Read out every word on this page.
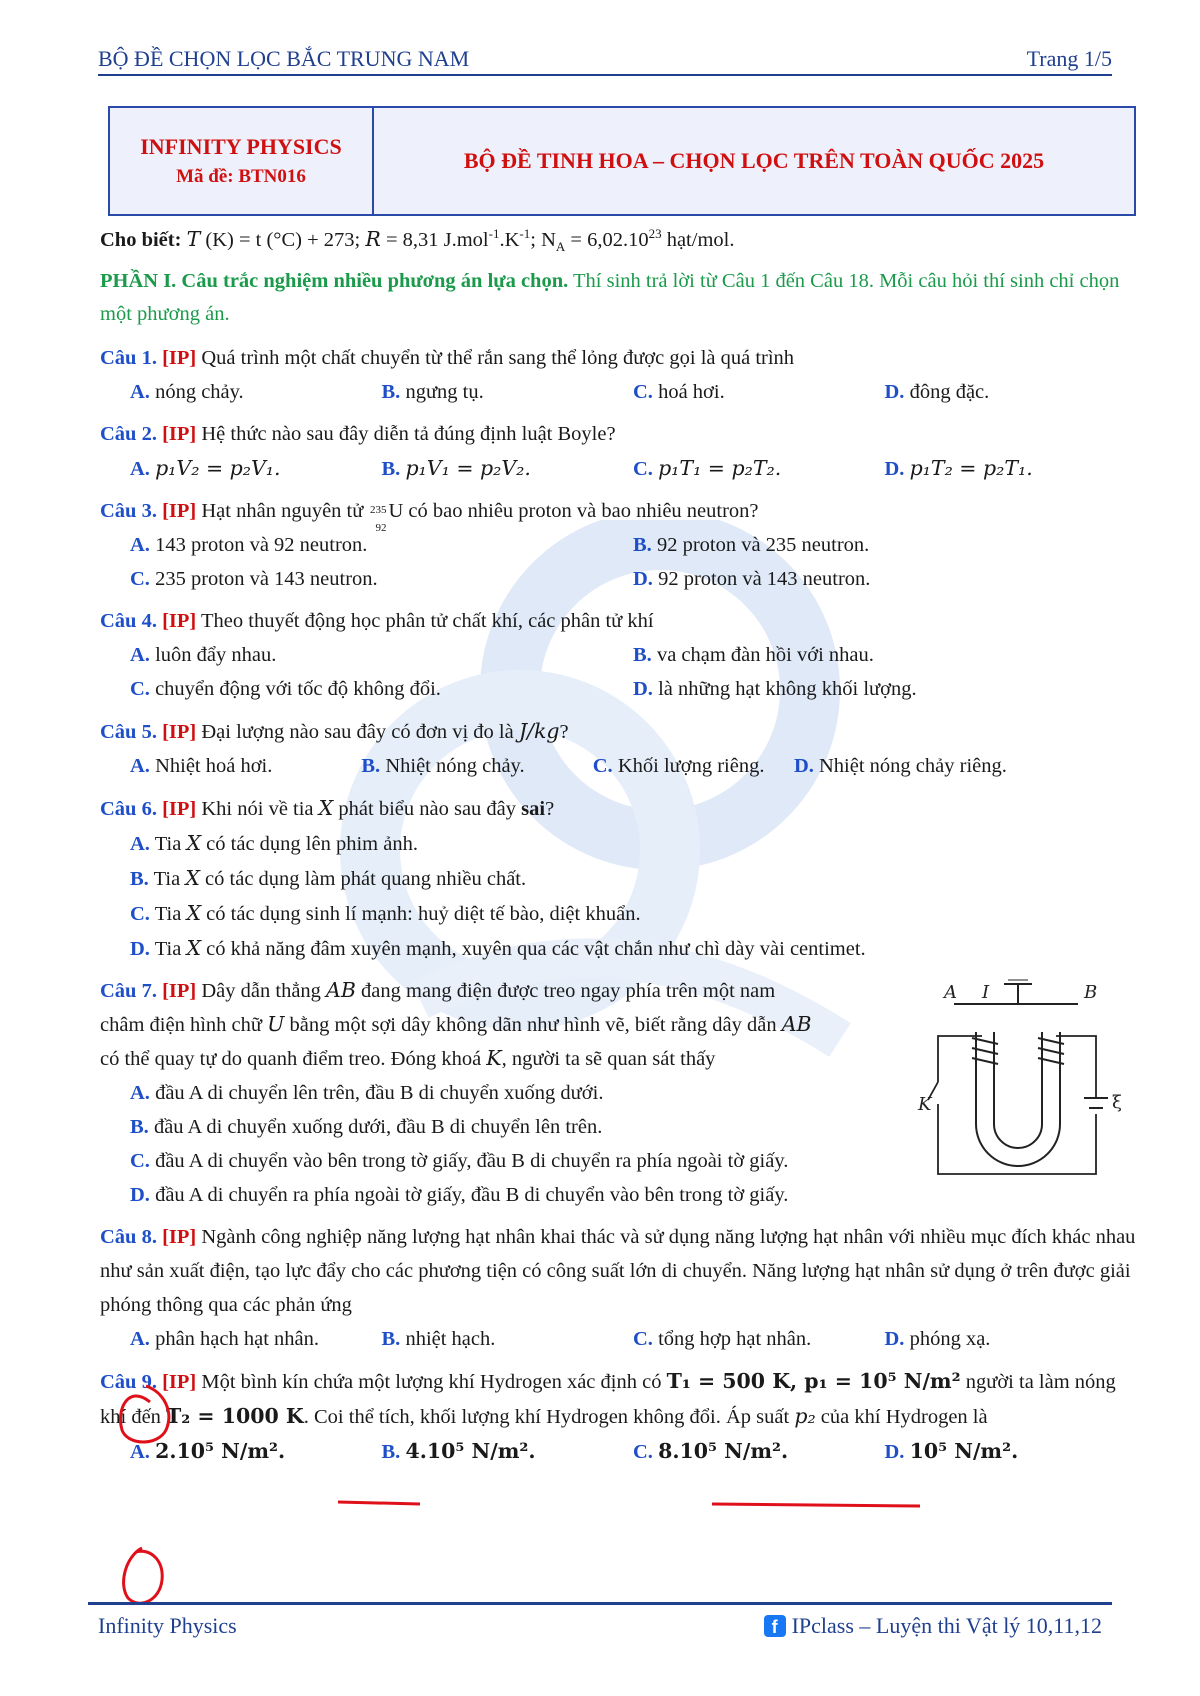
BỘ ĐỀ CHỌN LỌC BẮC TRUNG NAM	Trang 1/5
INFINITY PHYSICS
Mã đề: BTN016
BỘ ĐỀ TINH HOA – CHỌN LỌC TRÊN TOÀN QUỐC 2025
Cho biết: T (K) = t (°C) + 273; R = 8,31 $J.mol^{-1}.K^{-1}$; $N_A = 6,02.10^{23}$ hạt/mol.
PHẦN I. Câu trắc nghiệm nhiều phương án lựa chọn. Thí sinh trả lời từ Câu 1 đến Câu 18. Mỗi câu hỏi thí sinh chỉ chọn một phương án.
Câu 1. [IP] Quá trình một chất chuyển từ thể rắn sang thể lỏng được gọi là quá trình
A. nóng chảy.	B. ngưng tụ.	C. hoá hơi.	D. đông đặc.
Câu 2. [IP] Hệ thức nào sau đây diễn tả đúng định luật Boyle?
A. p₁V₂ = p₂V₁.	B. p₁V₁ = p₂V₂.	C. p₁T₁ = p₂T₂.	D. p₁T₂ = p₂T₁.
Câu 3. [IP] Hạt nhân nguyên tử 235
92
U có bao nhiêu proton và bao nhiêu neutron?
A. 143 proton và 92 neutron.	B. 92 proton và 235 neutron.
C. 235 proton và 143 neutron.	D. 92 proton và 143 neutron.
Câu 4. [IP] Theo thuyết động học phân tử chất khí, các phân tử khí
A. luôn đẩy nhau.	B. va chạm đàn hồi với nhau.
C. chuyển động với tốc độ không đổi.	D. là những hạt không khối lượng.
Câu 5. [IP] Đại lượng nào sau đây có đơn vị đo là J/kg?
A. Nhiệt hoá hơi.	B. Nhiệt nóng chảy.	C. Khối lượng riêng.	D. Nhiệt nóng chảy riêng.
Câu 6. [IP] Khi nói về tia X phát biểu nào sau đây sai?
A. Tia X có tác dụng lên phim ảnh.
B. Tia X có tác dụng làm phát quang nhiều chất.
C. Tia X có tác dụng sinh lí mạnh: huỷ diệt tế bào, diệt khuẩn.
D. Tia X có khả năng đâm xuyên mạnh, xuyên qua các vật chắn như chì dày vài centimet.
Câu 7. [IP] Dây dẫn thẳng AB đang mang điện được treo ngay phía trên một nam châm điện hình chữ U bằng một sợi dây không dãn như hình vẽ, biết rằng dây dẫn AB có thể quay tự do quanh điểm treo. Đóng khoá K, người ta sẽ quan sát thấy
A I	B
K	ξ
A. đầu A di chuyển lên trên, đầu B di chuyển xuống dưới.
B. đầu A di chuyển xuống dưới, đầu B di chuyển lên trên.
C. đầu A di chuyển vào bên trong tờ giấy, đầu B di chuyển ra phía ngoài tờ giấy.
D. đầu A di chuyển ra phía ngoài tờ giấy, đầu B di chuyển vào bên trong tờ giấy.
Câu 8. [IP] Ngành công nghiệp năng lượng hạt nhân khai thác và sử dụng năng lượng hạt nhân với nhiều mục đích khác nhau như sản xuất điện, tạo lực đẩy cho các phương tiện có công suất lớn di chuyển. Năng lượng hạt nhân sử dụng ở trên được giải phóng thông qua các phản ứng
A. phân hạch hạt nhân.	B. nhiệt hạch.	C. tổng hợp hạt nhân.	D. phóng xạ.
Câu 9. [IP] Một bình kín chứa một lượng khí Hydrogen xác định có T₁ = 500 K, p₁ = 10⁵ N/m² người ta làm nóng khí đến T₂ = 1000 K. Coi thể tích, khối lượng khí Hydrogen không đổi. Áp suất p₂ của khí Hydrogen là
A. 2.10⁵ N/m².	B. 4.10⁵ N/m².	C. 8.10⁵ N/m².	D. 10⁵ N/m².
Infinity Physics	f IPclass – Luyện thi Vật lý 10,11,12
